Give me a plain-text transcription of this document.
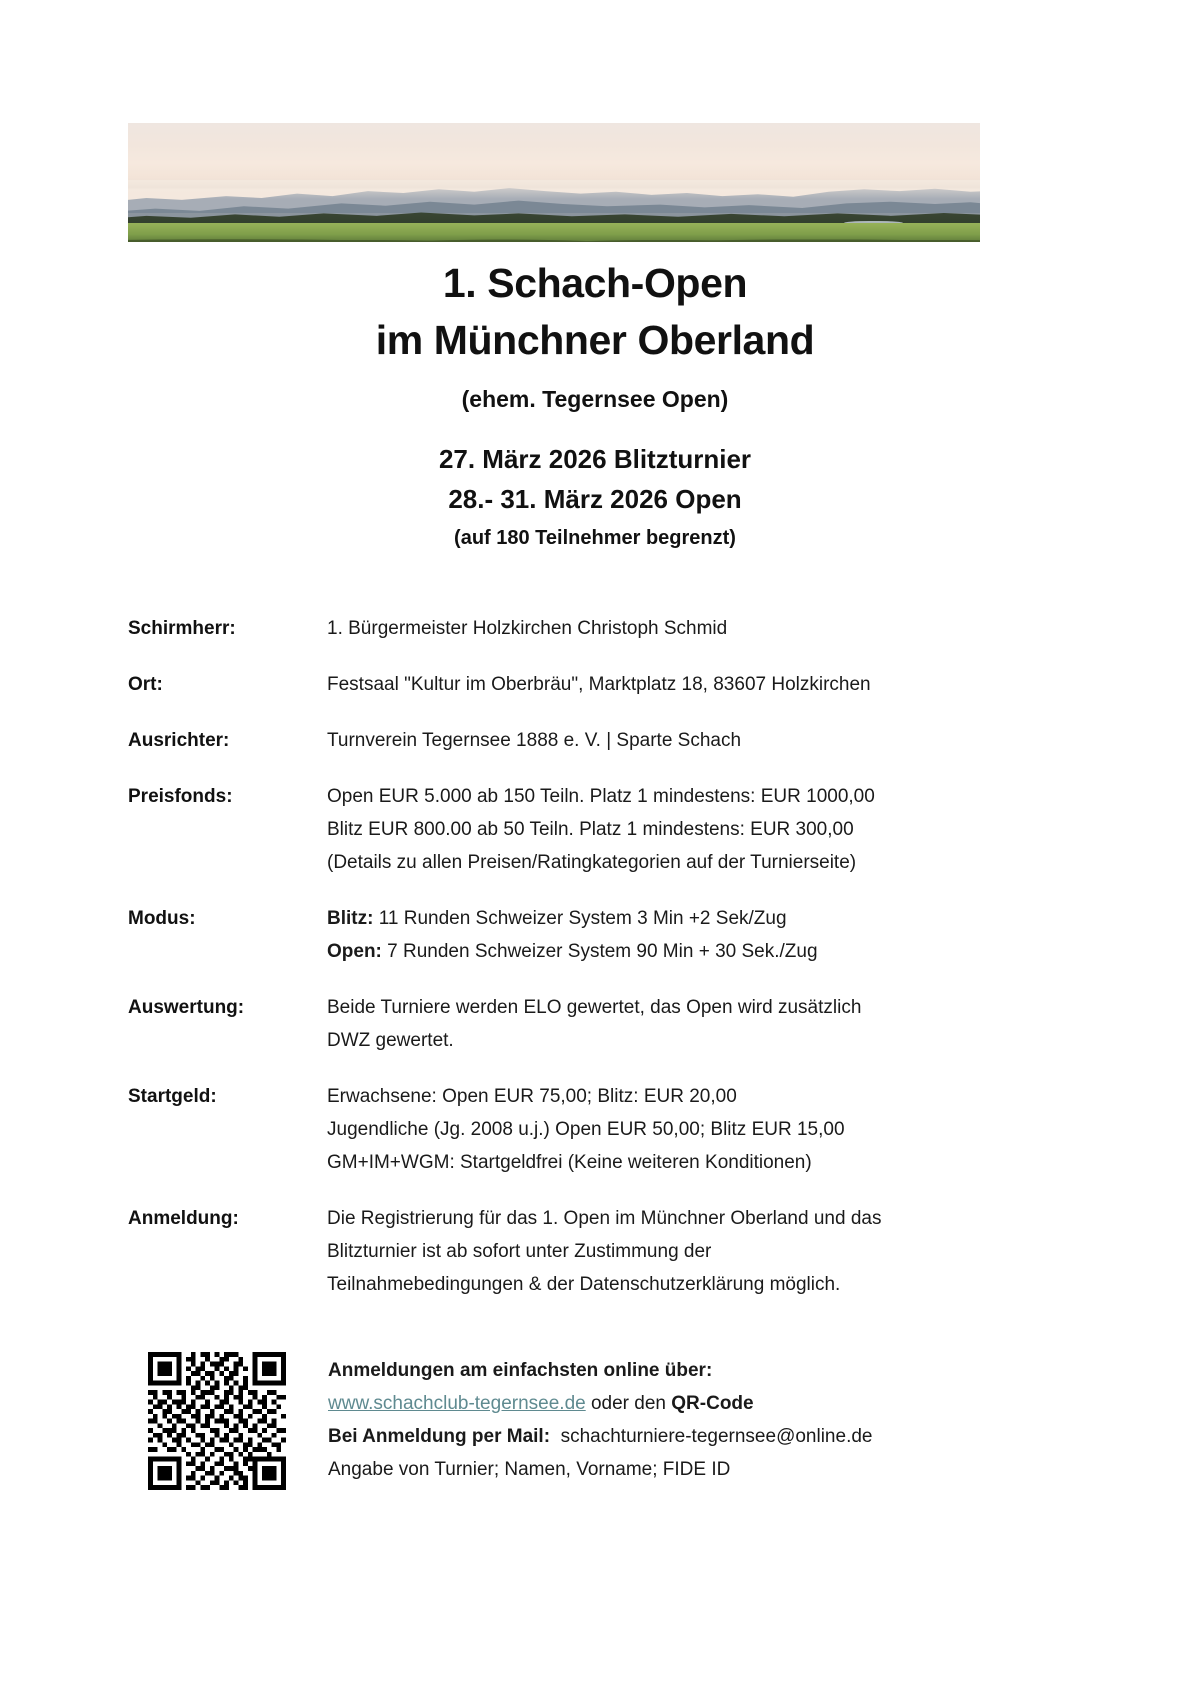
1. Schach-Open
im Münchner Oberland
(ehem. Tegernsee Open)
27. März 2026 Blitzturnier
28.- 31. März 2026 Open
(auf 180 Teilnehmer begrenzt)
Schirmherr:	1. Bürgermeister Holzkirchen Christoph Schmid
Ort:	Festsaal "Kultur im Oberbräu", Marktplatz 18, 83607 Holzkirchen
Ausrichter:	Turnverein Tegernsee 1888 e. V. | Sparte Schach
Preisfonds:	Open EUR 5.000 ab 150 Teiln. Platz 1 mindestens: EUR 1000,00
Blitz EUR 800.00 ab 50 Teiln. Platz 1 mindestens: EUR 300,00
(Details zu allen Preisen/Ratingkategorien auf der Turnierseite)
Modus:	Blitz: 11 Runden Schweizer System 3 Min +2 Sek/Zug
Open: 7 Runden Schweizer System 90 Min + 30 Sek./Zug
Auswertung:	Beide Turniere werden ELO gewertet, das Open wird zusätzlich
DWZ gewertet.
Startgeld:	Erwachsene: Open EUR 75,00; Blitz: EUR 20,00
Jugendliche (Jg. 2008 u.j.) Open EUR 50,00; Blitz EUR 15,00
GM+IM+WGM: Startgeldfrei (Keine weiteren Konditionen)
Anmeldung:	Die Registrierung für das 1. Open im Münchner Oberland und das
Blitzturnier ist ab sofort unter Zustimmung der
Teilnahmebedingungen & der Datenschutzerklärung möglich.
Anmeldungen am einfachsten online über:
www.schachclub-tegernsee.de oder den QR-Code
Bei Anmeldung per Mail: schachturniere-tegernsee@online.de
Angabe von Turnier; Namen, Vorname; FIDE ID
